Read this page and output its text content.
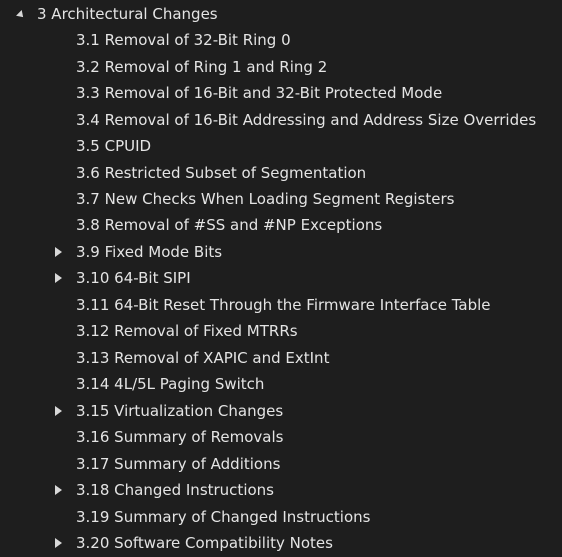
3 Architectural Changes
3.1 Removal of 32-Bit Ring 0
3.2 Removal of Ring 1 and Ring 2
3.3 Removal of 16-Bit and 32-Bit Protected Mode
3.4 Removal of 16-Bit Addressing and Address Size Overrides
3.5 CPUID
3.6 Restricted Subset of Segmentation
3.7 New Checks When Loading Segment Registers
3.8 Removal of #SS and #NP Exceptions
3.9 Fixed Mode Bits
3.10 64-Bit SIPI
3.11 64-Bit Reset Through the Firmware Interface Table
3.12 Removal of Fixed MTRRs
3.13 Removal of XAPIC and ExtInt
3.14 4L/5L Paging Switch
3.15 Virtualization Changes
3.16 Summary of Removals
3.17 Summary of Additions
3.18 Changed Instructions
3.19 Summary of Changed Instructions
3.20 Software Compatibility Notes
